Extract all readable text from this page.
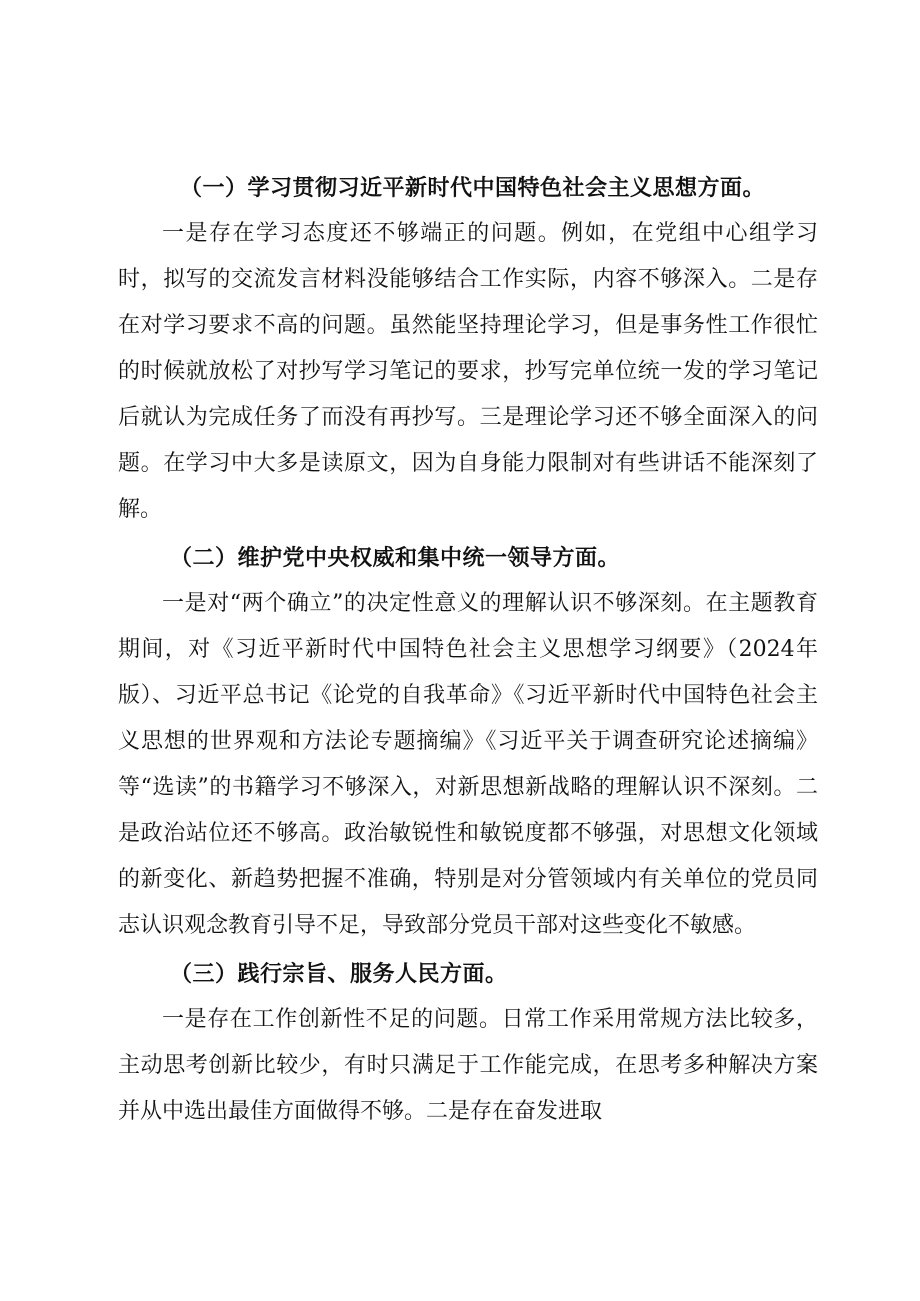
（一）学习贯彻习近平新时代中国特色社会主义思想方面。

一是存在学习态度还不够端正的问题。例如，在党组中心组学习时，拟写的交流发言材料没能够结合工作实际，内容不够深入。二是存在对学习要求不高的问题。虽然能坚持理论学习，但是事务性工作很忙的时候就放松了对抄写学习笔记的要求，抄写完单位统一发的学习笔记后就认为完成任务了而没有再抄写。三是理论学习还不够全面深入的问题。在学习中大多是读原文，因为自身能力限制对有些讲话不能深刻了解。

（二）维护党中央权威和集中统一领导方面。

一是对“两个确立”的决定性意义的理解认识不够深刻。在主题教育期间，对《习近平新时代中国特色社会主义思想学习纲要》（2024年版）、习近平总书记《论党的自我革命》《习近平新时代中国特色社会主义思想的世界观和方法论专题摘编》《习近平关于调查研究论述摘编》等“选读”的书籍学习不够深入，对新思想新战略的理解认识不深刻。二是政治站位还不够高。政治敏锐性和敏锐度都不够强，对思想文化领域的新变化、新趋势把握不准确，特别是对分管领域内有关单位的党员同志认识观念教育引导不足，导致部分党员干部对这些变化不敏感。

（三）践行宗旨、服务人民方面。

一是存在工作创新性不足的问题。日常工作采用常规方法比较多，主动思考创新比较少，有时只满足于工作能完成，在思考多种解决方案并从中选出最佳方面做得不够。二是存在奋发进取
